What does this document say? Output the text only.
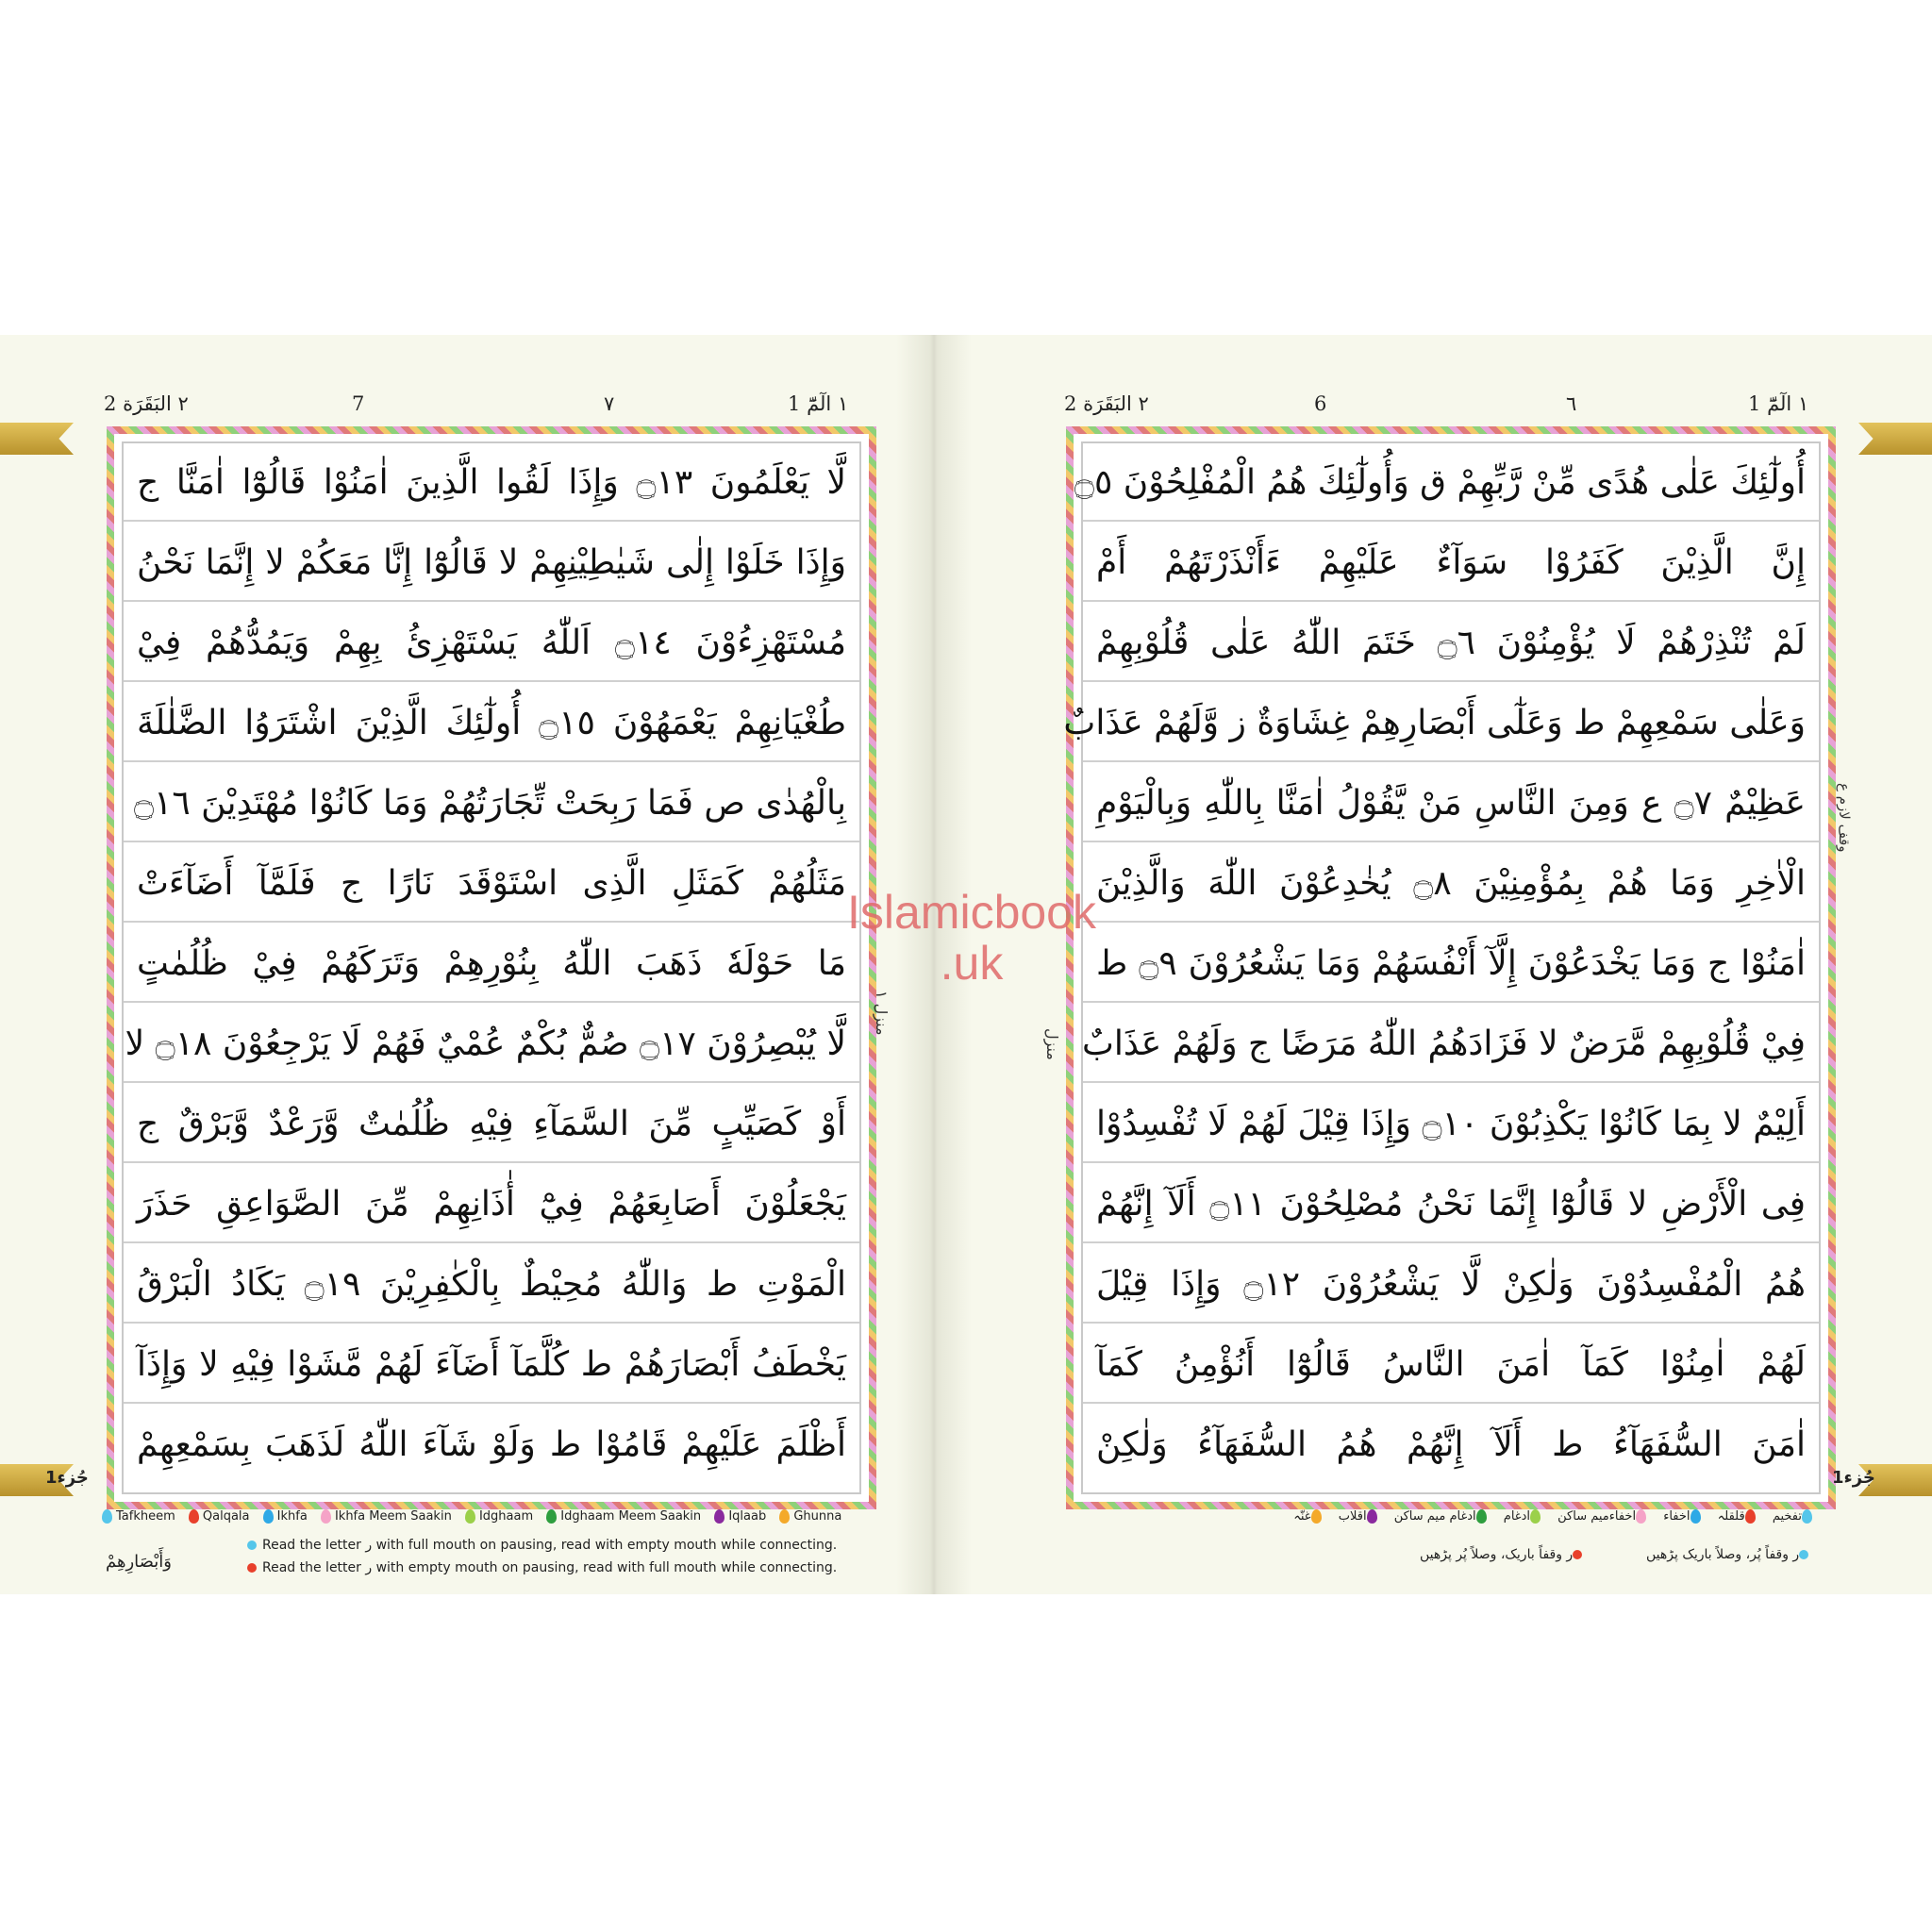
2 ٢ البَقَرَة	7	٧	1 ١ الٓمّٓ
لَّا يَعْلَمُونَ ۝١٣ وَإِذَا لَقُوا الَّذِينَ اٰمَنُوْا قَالُوْٓا اٰمَنَّا ج
وَإِذَا خَلَوْا إِلٰى شَيٰطِيْنِهِمْ لا قَالُوْٓا إِنَّا مَعَكُمْ لا إِنَّمَا نَحْنُ
مُسْتَهْزِءُوْنَ ۝١٤ اَللّٰهُ يَسْتَهْزِئُ بِهِمْ وَيَمُدُّهُمْ فِيْ
طُغْيَانِهِمْ يَعْمَهُوْنَ ۝١٥ أُولٰٓئِكَ الَّذِيْنَ اشْتَرَوُا الضَّلٰلَةَ
بِالْهُدٰى ص فَمَا رَبِحَتْ تِّجَارَتُهُمْ وَمَا كَانُوْا مُهْتَدِيْنَ ۝١٦
مَثَلُهُمْ كَمَثَلِ الَّذِى اسْتَوْقَدَ نَارًا ج فَلَمَّآ أَضَآءَتْ
مَا حَوْلَهٗ ذَهَبَ اللّٰهُ بِنُوْرِهِمْ وَتَرَكَهُمْ فِيْ ظُلُمٰتٍ
لَّا يُبْصِرُوْنَ ۝١٧ صُمٌّ بُكْمٌ عُمْيٌ فَهُمْ لَا يَرْجِعُوْنَ ۝١٨ لا
أَوْ كَصَيِّبٍ مِّنَ السَّمَآءِ فِيْهِ ظُلُمٰتٌ وَّرَعْدٌ وَّبَرْقٌ ج
يَجْعَلُوْنَ أَصَابِعَهُمْ فِيْٓ أٰذَانِهِمْ مِّنَ الصَّوَاعِقِ حَذَرَ
الْمَوْتِ ط وَاللّٰهُ مُحِيْطٌ بِالْكٰفِرِيْنَ ۝١٩ يَكَادُ الْبَرْقُ
يَخْطَفُ أَبْصَارَهُمْ ط كُلَّمَآ أَضَآءَ لَهُمْ مَّشَوْا فِيْهِ لا وَإِذَآ
أَظْلَمَ عَلَيْهِمْ قَامُوْا ط وَلَوْ شَآءَ اللّٰهُ لَذَهَبَ بِسَمْعِهِمْ
جُزء1
منزل ١
Tafkheem Qalqala Ikhfa Ikhfa Meem Saakin Idghaam Idghaam Meem Saakin Iqlaab Ghunna
Read the letter ر with full mouth on pausing, read with empty mouth while connecting.
Read the letter ر with empty mouth on pausing, read with full mouth while connecting.
وَأَبْصَارِهِمْ
2 ٢ البَقَرَة	6	٦	1 ١ الٓمّٓ
أُولٰٓئِكَ عَلٰى هُدًى مِّنْ رَّبِّهِمْ ق وَأُولٰٓئِكَ هُمُ الْمُفْلِحُوْنَ ۝٥
إِنَّ الَّذِيْنَ كَفَرُوْا سَوَآءٌ عَلَيْهِمْ ءَأَنْذَرْتَهُمْ أَمْ
لَمْ تُنْذِرْهُمْ لَا يُؤْمِنُوْنَ ۝٦ خَتَمَ اللّٰهُ عَلٰى قُلُوْبِهِمْ
وَعَلٰى سَمْعِهِمْ ط وَعَلٰٓى أَبْصَارِهِمْ غِشَاوَةٌ ز وَّلَهُمْ عَذَابٌ
عَظِيْمٌ ۝٧ ع وَمِنَ النَّاسِ مَنْ يَّقُوْلُ اٰمَنَّا بِاللّٰهِ وَبِالْيَوْمِ
الْاٰخِرِ وَمَا هُمْ بِمُؤْمِنِيْنَ ۝٨ يُخٰدِعُوْنَ اللّٰهَ وَالَّذِيْنَ
اٰمَنُوْا ج وَمَا يَخْدَعُوْنَ إِلَّآ أَنْفُسَهُمْ وَمَا يَشْعُرُوْنَ ۝٩ ط
فِيْ قُلُوْبِهِمْ مَّرَضٌ لا فَزَادَهُمُ اللّٰهُ مَرَضًا ج وَلَهُمْ عَذَابٌ
أَلِيْمٌ لا بِمَا كَانُوْا يَكْذِبُوْنَ ۝١٠ وَإِذَا قِيْلَ لَهُمْ لَا تُفْسِدُوْا
فِى الْأَرْضِ لا قَالُوْٓا إِنَّمَا نَحْنُ مُصْلِحُوْنَ ۝١١ أَلَآ إِنَّهُمْ
هُمُ الْمُفْسِدُوْنَ وَلٰكِنْ لَّا يَشْعُرُوْنَ ۝١٢ وَإِذَا قِيْلَ
لَهُمْ اٰمِنُوْا كَمَآ اٰمَنَ النَّاسُ قَالُوْٓا أَنُؤْمِنُ كَمَآ
اٰمَنَ السُّفَهَآءُ ط أَلَآ إِنَّهُمْ هُمُ السُّفَهَآءُ وَلٰكِنْ
جُزء1
وقف لازم ع
منزل
تفخیم قلقلہ اخفاء اخفاءمیم ساکن ادغام ادغام میم ساکن اقلاب غنّہ
ر وقفاً پُر، وصلاً باریک پڑھیں
ر وقفاً باریک، وصلاً پُر پڑھیں
Islamicbook
.uk
